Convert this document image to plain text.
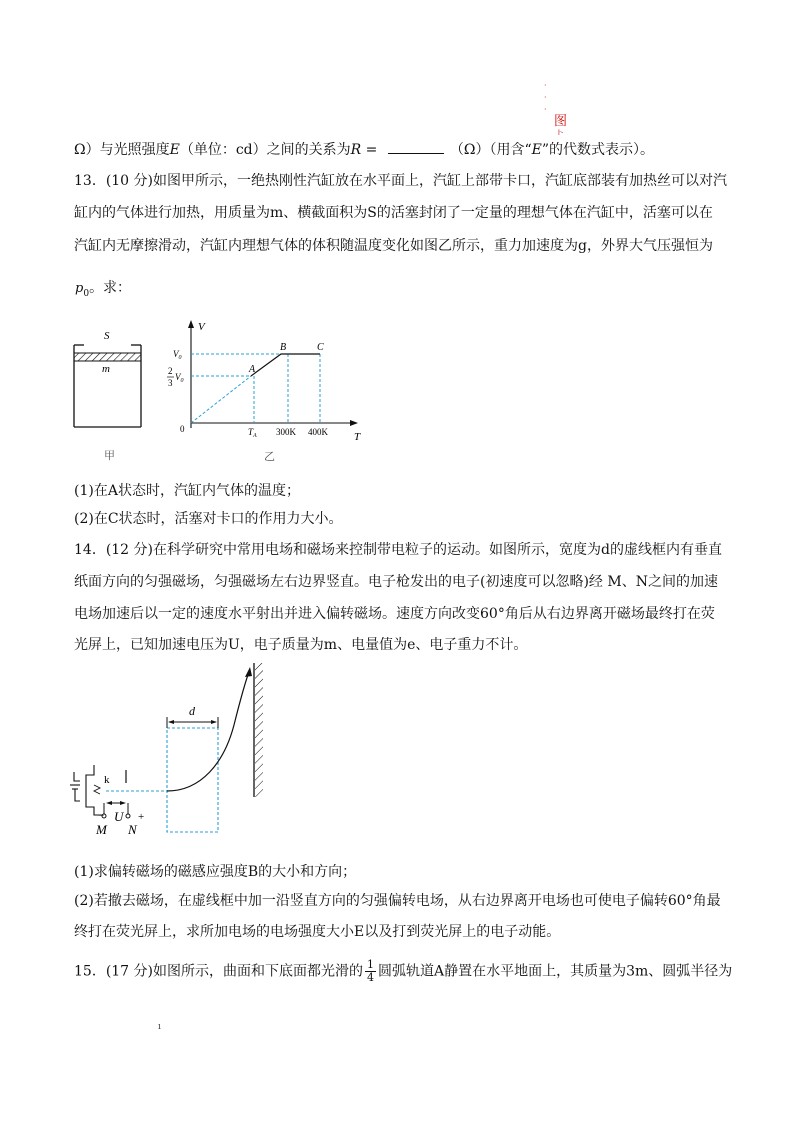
·
·
·
图
卜
Ω）与光照强度E（单位：cd）之间的关系为R =	（Ω）（用含“E”的代数式表示）。
13．(10 分)如图甲所示，一绝热刚性汽缸放在水平面上，汽缸上部带卡口，汽缸底部装有加热丝可以对汽
缸内的气体进行加热，用质量为m、横截面积为S的活塞封闭了一定量的理想气体在汽缸中，活塞可以在
汽缸内无摩擦滑动，汽缸内理想气体的体积随温度变化如图乙所示，重力加速度为g，外界大气压强恒为
$p_0$。求：
S
m
甲
V
T
$V_0$
2
3
$V_0$
0	$T_A$ 300K 400K
A
B	C
乙
(1)在A状态时，汽缸内气体的温度；
(2)在C状态时，活塞对卡口的作用力大小。
14．(12 分)在科学研究中常用电场和磁场来控制带电粒子的运动。如图所示，宽度为d的虚线框内有垂直
纸面方向的匀强磁场，匀强磁场左右边界竖直。电子枪发出的电子(初速度可以忽略)经 M、N之间的加速
电场加速后以一定的速度水平射出并进入偏转磁场。速度方向改变60°角后从右边界离开磁场最终打在荧
光屏上，已知加速电压为U，电子质量为m、电量值为e、电子重力不计。
d
k
−	+
U
M N
(1)求偏转磁场的磁感应强度B的大小和方向；
(2)若撤去磁场，在虚线框中加一沿竖直方向的匀强偏转电场，从右边界离开电场也可使电子偏转60°角最
终打在荧光屏上，求所加电场的电场强度大小E以及打到荧光屏上的电子动能。
15．(17 分)如图所示，曲面和下底面都光滑的 $\frac{1}{4}$ 圆弧轨道A静置在水平地面上，其质量为3m、圆弧半径为
ı
